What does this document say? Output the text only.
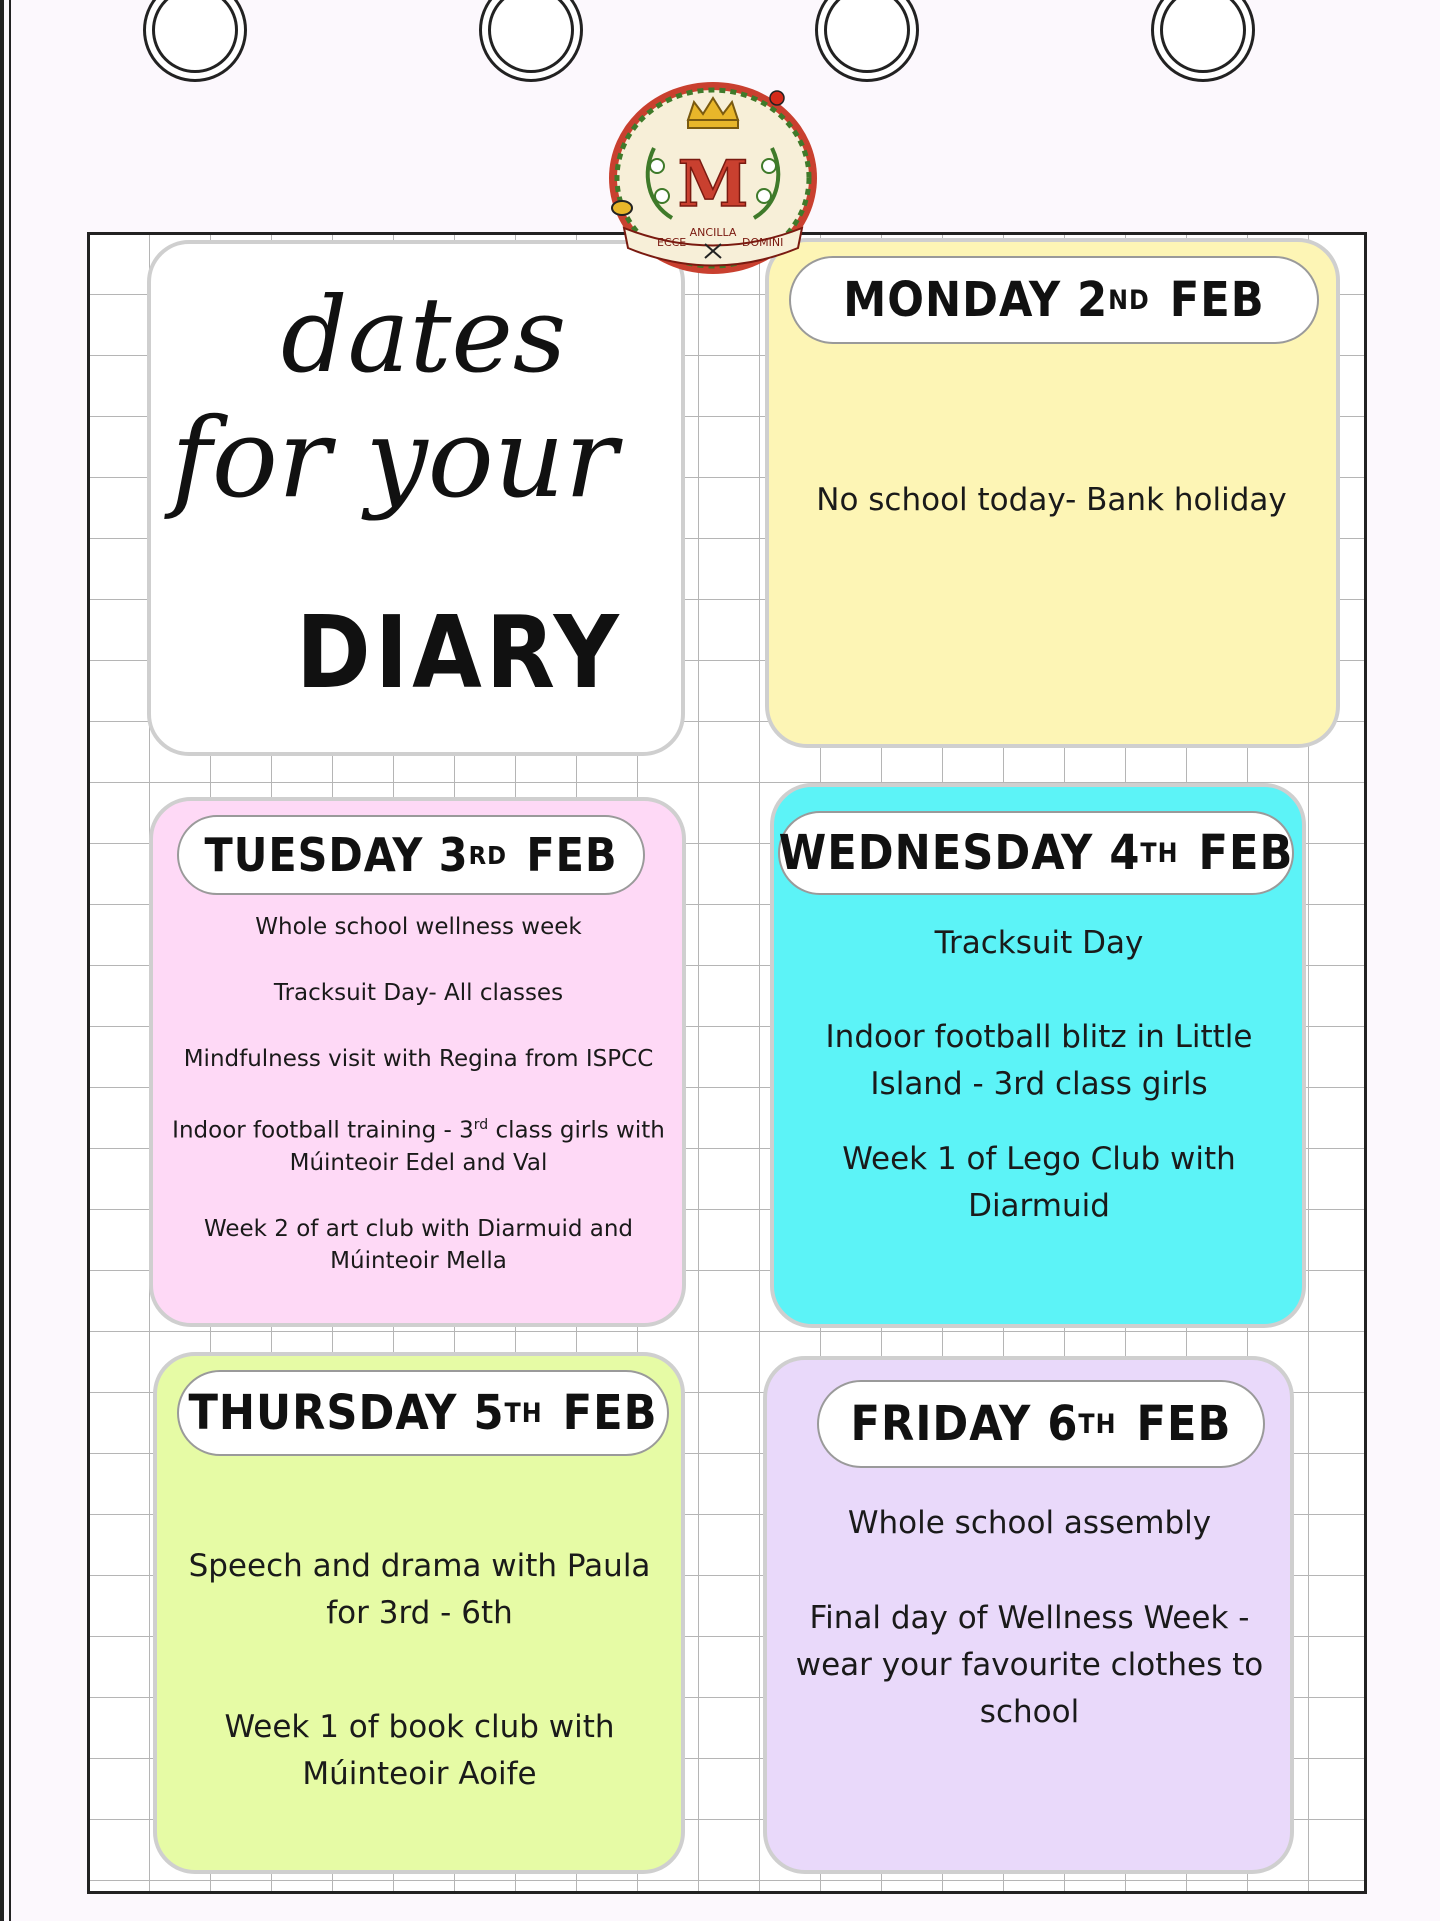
dates
for your
DIARY
MONDAY
2 ND
FEB

No school today- Bank holiday

TUESDAY
3 RD
FEB

Whole school wellness week

Tracksuit Day- All classes

Mindfulness visit with Regina from ISPCC

Indoor football training - 3rd class girls with Múinteoir Edel and Val

Week 2 of art club with Diarmuid and Múinteoir Mella

WEDNESDAY
4 TH
FEB

Tracksuit Day

Indoor football blitz in Little Island - 3rd class girls

Week 1 of Lego Club with Diarmuid

THURSDAY
5 TH
FEB

Speech and drama with Paula for 3rd - 6th

Week 1 of book club with Múinteoir Aoife

FRIDAY
6 TH
FEB

Whole school assembly

Final day of Wellness Week - wear your favourite clothes to school

M
ECCE
ANCILLA
DOMINI
